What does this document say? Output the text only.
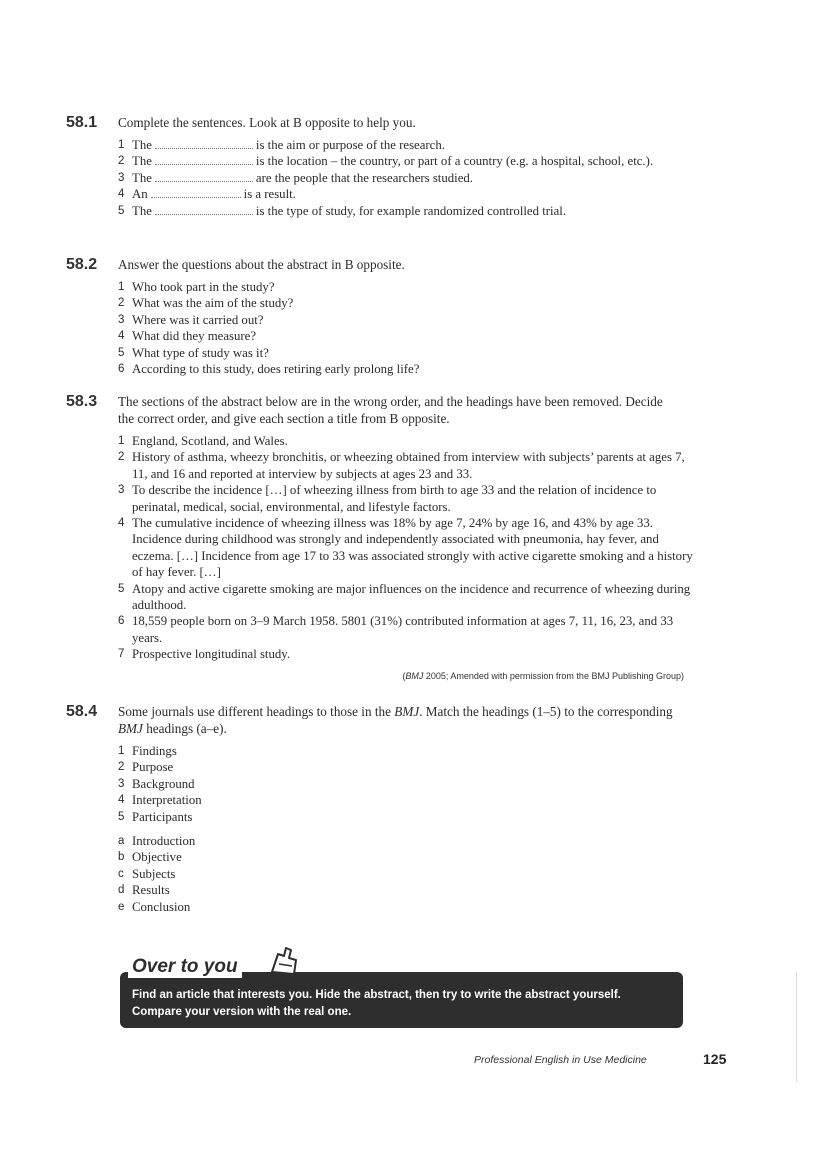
58.1 Complete the sentences. Look at B opposite to help you.
1 The	is the aim or purpose of the research.
2 The	is the location – the country, or part of a country (e.g. a hospital, school, etc.).
3 The	are the people that the researchers studied.
4 An	is a result.
5 The	is the type of study, for example randomized controlled trial.
58.2 Answer the questions about the abstract in B opposite.
1 Who took part in the study?
2 What was the aim of the study?
3 Where was it carried out?
4 What did they measure?
5 What type of study was it?
6 According to this study, does retiring early prolong life?
58.3 The sections of the abstract below are in the wrong order, and the headings have been removed. Decide the correct order, and give each section a title from B opposite.
1 England, Scotland, and Wales.
2 History of asthma, wheezy bronchitis, or wheezing obtained from interview with subjects’ parents at ages 7, 11, and 16 and reported at interview by subjects at ages 23 and 33.
3 To describe the incidence […] of wheezing illness from birth to age 33 and the relation of incidence to perinatal, medical, social, environmental, and lifestyle factors.
4 The cumulative incidence of wheezing illness was 18% by age 7, 24% by age 16, and 43% by age 33. Incidence during childhood was strongly and independently associated with pneumonia, hay fever, and eczema. […] Incidence from age 17 to 33 was associated strongly with active cigarette smoking and a history of hay fever. […]
5 Atopy and active cigarette smoking are major influences on the incidence and recurrence of wheezing during adulthood.
6 18,559 people born on 3–9 March 1958. 5801 (31%) contributed information at ages 7, 11, 16, 23, and 33 years.
7 Prospective longitudinal study.
(BMJ 2005; Amended with permission from the BMJ Publishing Group)
58.4 Some journals use different headings to those in the BMJ. Match the headings (1–5) to the corresponding BMJ headings (a–e).
1 Findings
2 Purpose
3 Background
4 Interpretation
5 Participants
a Introduction
b Objective
c Subjects
d Results
e Conclusion
Over to you
Find an article that interests you. Hide the abstract, then try to write the abstract yourself.
Compare your version with the real one.
Professional English in Use Medicine	125
